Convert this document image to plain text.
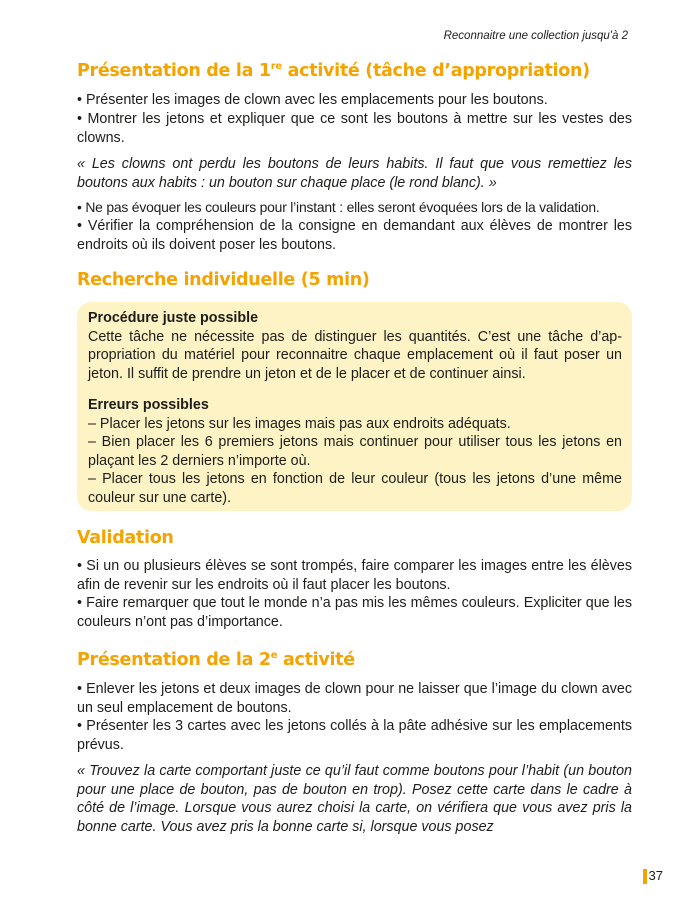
Reconnaitre une collection jusqu'à 2
Présentation de la 1re activité (tâche d’appropriation)

• Présenter les images de clown avec les emplacements pour les boutons.

• Montrer les jetons et expliquer que ce sont les boutons à mettre sur les vestes des clowns.

« Les clowns ont perdu les boutons de leurs habits. Il faut que vous remettiez les boutons aux habits : un bouton sur chaque place (le rond blanc). »

• Ne pas évoquer les couleurs pour l’instant : elles seront évoquées lors de la validation.

• Vérifier la compréhension de la consigne en demandant aux élèves de montrer les endroits où ils doivent poser les boutons.

Recherche individuelle (5 min)

Procédure juste possible

Cette tâche ne nécessite pas de distinguer les quantités. C’est une tâche d’appropriation du matériel pour reconnaitre chaque emplacement où il faut poser un jeton. Il suffit de prendre un jeton et de le placer et de continuer ainsi.

Erreurs possibles

– Placer les jetons sur les images mais pas aux endroits adéquats.

– Bien placer les 6 premiers jetons mais continuer pour utiliser tous les jetons en plaçant les 2 derniers n’importe où.

– Placer tous les jetons en fonction de leur couleur (tous les jetons d’une même couleur sur une carte).

Validation

• Si un ou plusieurs élèves se sont trompés, faire comparer les images entre les élèves afin de revenir sur les endroits où il faut placer les boutons.

• Faire remarquer que tout le monde n’a pas mis les mêmes couleurs. Expliciter que les couleurs n’ont pas d’importance.

Présentation de la 2e activité

• Enlever les jetons et deux images de clown pour ne laisser que l’image du clown avec un seul emplacement de boutons.

• Présenter les 3 cartes avec les jetons collés à la pâte adhésive sur les emplacements prévus.

« Trouvez la carte comportant juste ce qu’il faut comme boutons pour l’habit (un bouton pour une place de bouton, pas de bouton en trop). Posez cette carte dans le cadre à côté de l’image. Lorsque vous aurez choisi la carte, on vérifiera que vous avez pris la bonne carte. Vous avez pris la bonne carte si, lorsque vous posez

37
